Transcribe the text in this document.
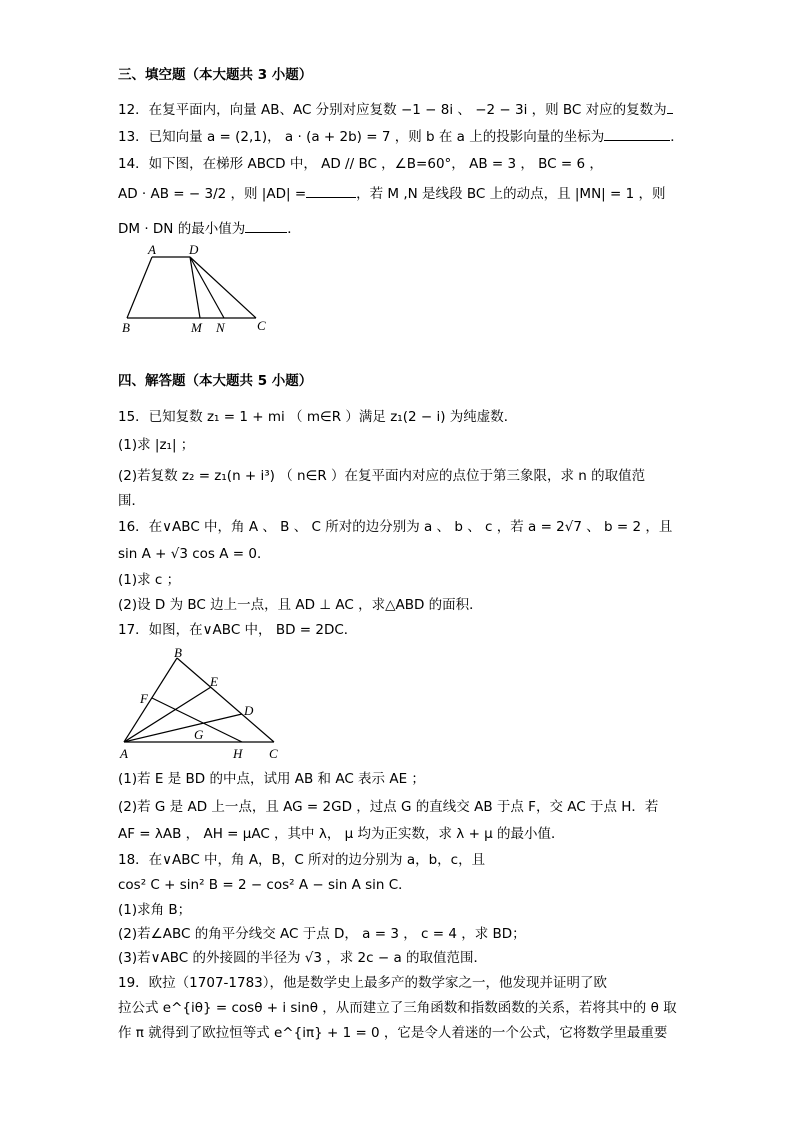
三、填空题（本大题共 3 小题）
12．在复平面内，向量 AB、AC 分别对应复数 −1 − 8i 、 −2 − 3i ，则 BC 对应的复数为
13．已知向量 a = (2,1)， a · (a + 2b) = 7 ，则 b 在 a 上的投影向量的坐标为	．
14．如下图，在梯形 ABCD 中， AD // BC ，∠B=60°， AB = 3 ， BC = 6 ，
AD · AB = − 3/2 ，则 |AD| =	，若 M ,N 是线段 BC 上的动点，且 |MN| = 1 ，则
DM · DN 的最小值为	．
A	D
B	M N C
四、解答题（本大题共 5 小题）
15．已知复数 z₁ = 1 + mi （ m∈R ）满足 z₁(2 − i) 为纯虚数．
(1)求 |z₁| ；
(2)若复数 z₂ = z₁(n + i³) （ n∈R ）在复平面内对应的点位于第三象限，求 n 的取值范
围．
16．在∨ABC 中，角 A 、 B 、 C 所对的边分别为 a 、 b 、 c ，若 a = 2√7 、 b = 2 ，且
sin A + √3 cos A = 0．
(1)求 c ；
(2)设 D 为 BC 边上一点，且 AD ⊥ AC ，求△ABD 的面积．
17．如图，在∨ABC 中， BD = 2DC．
B
E
F
D
G
A	H C
(1)若 E 是 BD 的中点，试用 AB 和 AC 表示 AE ；
(2)若 G 是 AD 上一点，且 AG = 2GD ，过点 G 的直线交 AB 于点 F，交 AC 于点 H．若
AF = λAB ， AH = μAC ，其中 λ， μ 均为正实数，求 λ + μ 的最小值．
18．在∨ABC 中，角 A，B，C 所对的边分别为 a，b，c，且
cos² C + sin² B = 2 − cos² A − sin A sin C．
(1)求角 B；
(2)若∠ABC 的角平分线交 AC 于点 D， a = 3 ， c = 4 ，求 BD；
(3)若∨ABC 的外接圆的半径为 √3 ，求 2c − a 的取值范围．
19．欧拉（1707-1783），他是数学史上最多产的数学家之一，他发现并证明了欧
拉公式 e^{iθ} = cosθ + i sinθ ，从而建立了三角函数和指数函数的关系，若将其中的 θ 取
作 π 就得到了欧拉恒等式 e^{iπ} + 1 = 0 ，它是令人着迷的一个公式，它将数学里最重要
